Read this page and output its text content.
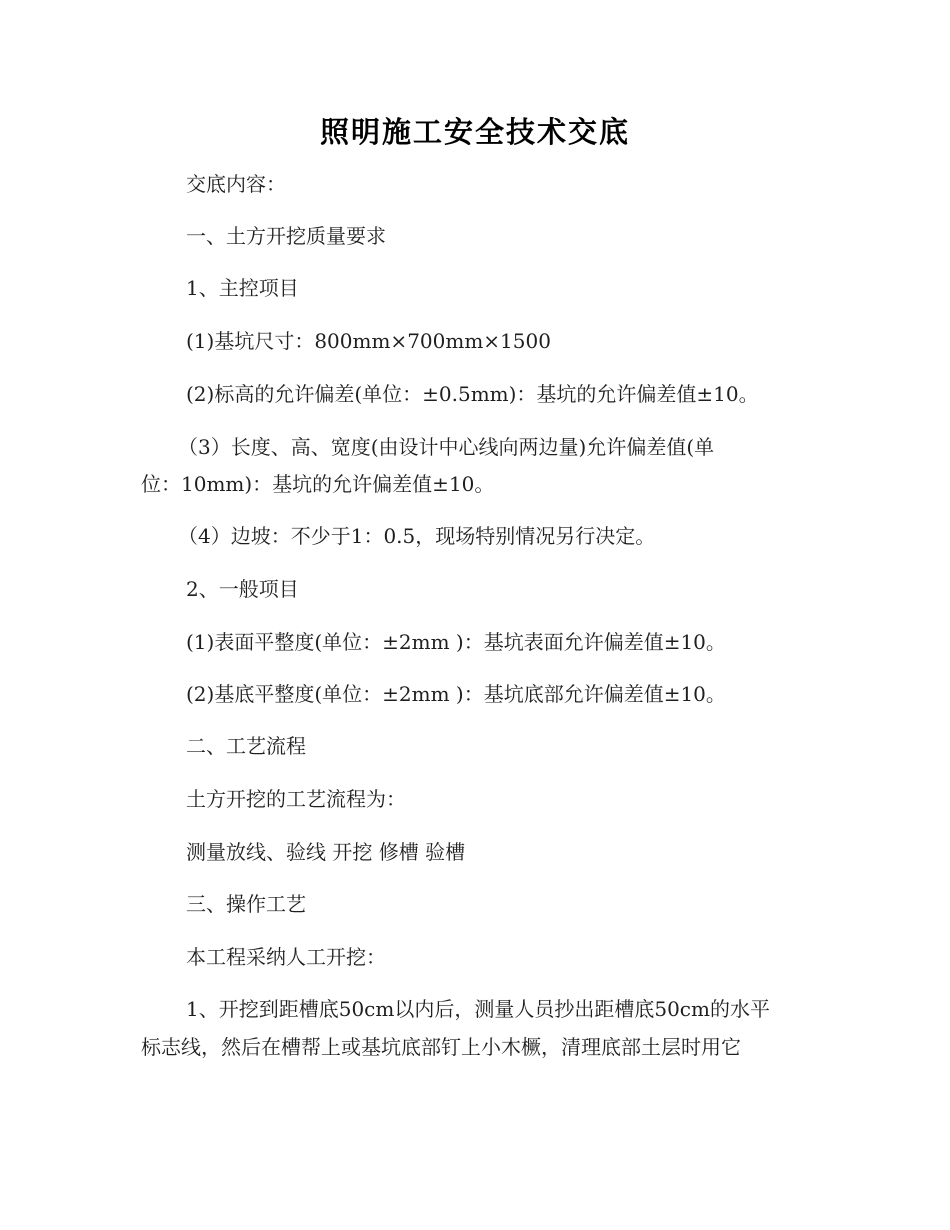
照明施工安全技术交底
交底内容：
一、土方开挖质量要求
1、主控项目
(1)基坑尺寸：800mm×700mm×1500
(2)标高的允许偏差(单位：±0.5mm)：基坑的允许偏差值±10。
（3）长度、高、宽度(由设计中心线向两边量)允许偏差值(单
位：10mm)：基坑的允许偏差值±10。
（4）边坡：不少于1：0.5，现场特别情况另行决定。
2、一般项目
(1)表面平整度(单位：±2mm )：基坑表面允许偏差值±10。
(2)基底平整度(单位：±2mm )：基坑底部允许偏差值±10。
二、工艺流程
土方开挖的工艺流程为：
测量放线、验线 开挖 修槽 验槽
三、操作工艺
本工程采纳人工开挖：
1、开挖到距槽底50cm以内后，测量人员抄出距槽底50cm的水平
标志线，然后在槽帮上或基坑底部钉上小木橛，清理底部土层时用它
